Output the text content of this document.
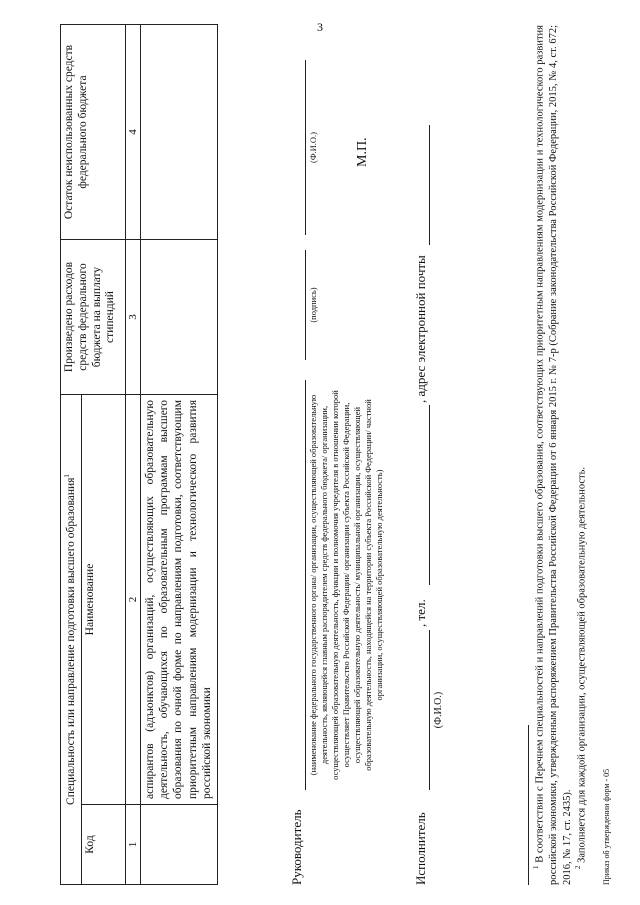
3
Специальность или направление подготовки высшего образования$^1$		Произведено расходов средств федерального бюджета на выплату стипендий	Остаток неиспользованных средств федерального бюджета
Код	Наименование		
1	2	3	4
	аспирантов (адъюнктов) организаций, осуществляющих образовательную деятельность, обучающихся по образовательным программам высшего образования по очной форме по направлениям подготовки, соответствующим приоритетным направлениям модернизации и технологического развития российской экономики		
Руководитель
(наименование федерального государственного органа/ организации, осуществляющей образовательную деятельность, являющейся главным распорядителем средств федерального бюджета/ организации, осуществляющей образовательную деятельность, функции и полномочия учредителя в отношении которой осуществляет Правительство Российской Федерации/ организации субъекта Российской Федерации, осуществляющей образовательную деятельность/ муниципальной организации, осуществляющей образовательную деятельность, находящейся на территории субъекта Российской Федерации/ частной организации, осуществляющей образовательную деятельность)
(подпись)
(Ф.И.О.)	М.П.
Исполнитель
(Ф.И.О.)
, тел.
, адрес электронной почты

$^1$ В соответствии с Перечнем специальностей и направлений подготовки высшего образования, соответствующих приоритетным направлениям модернизации и технологического развития российской экономики, утвержденным распоряжением Правительства Российской Федерации от 6 января 2015 г. № 7-р (Собрание законодательства Российской Федерации, 2015, № 4, ст. 672; 2016, № 17, ст. 2435). $^2$ Заполняется для каждой организации, осуществляющей образовательную деятельность. Приказ об утверждении форм - 05
